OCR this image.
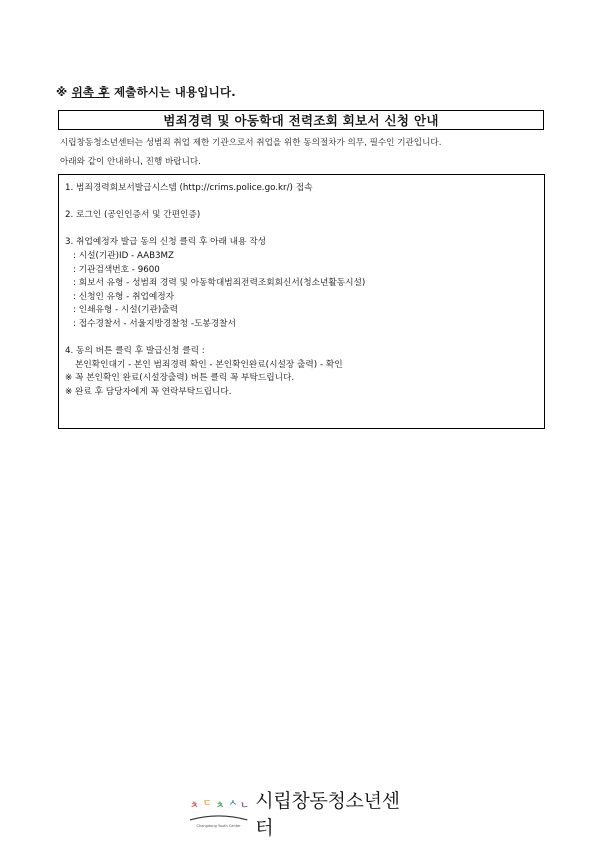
※ 위촉 후 제출하시는 내용입니다.
범죄경력 및 아동학대 전력조회 회보서 신청 안내
시립창동청소년센터는 성범죄 취업 제한 기관으로서 취업을 위한 동의절차가 의무, 필수인 기관입니다.
아래와 같이 안내하니, 진행 바랍니다.
1. 범죄경력회보서발급시스템 (http://crims.police.go.kr/) 접속
2. 로그인 (공인인증서 및 간편인증)
3. 취업예정자 발급 동의 신청 클릭 후 아래 내용 작성
: 시설(기관)ID - AAB3MZ
: 기관검색번호 - 9600
: 회보서 유형 - 성범죄 경력 및 아동학대범죄전력조회회신서(청소년활동시설)
: 신청인 유형 - 취업예정자
: 인쇄유형 - 시설(기관)출력
: 접수경찰서 - 서울지방경찰청 -도봉경찰서
4. 동의 버튼 클릭 후 발급신청 클릭 :
본인확인대기 - 본인 범죄경력 확인 - 본인확인완료(시설장 출력) - 확인
※ 꼭 본인확인 완료(시설장출력) 버튼 클릭 꼭 부탁드립니다.
※ 완료 후 담당자에게 꼭 연락부탁드립니다.
ㅊ ㄷ ㅊ ㅅ ㄴ
Changdong Youth Center
시립창동청소년센터
